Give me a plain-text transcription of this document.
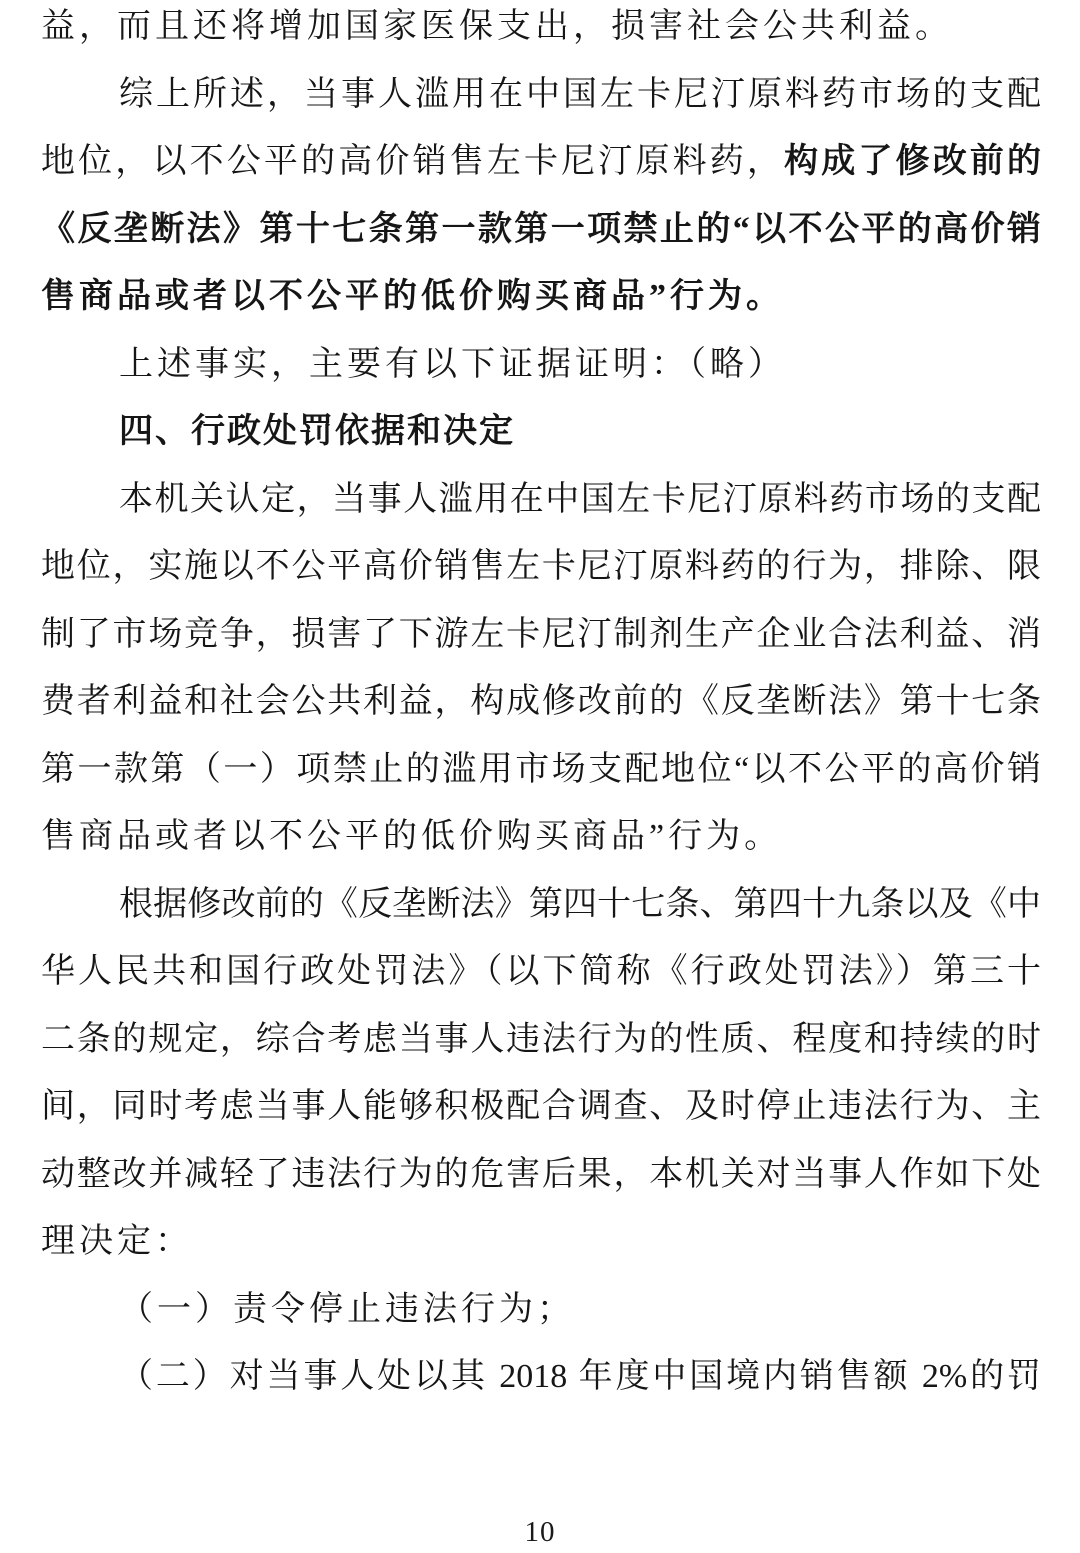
益，而且还将增加国家医保支出，损害社会公共利益。
综上所述，当事人滥用在中国左卡尼汀原料药市场的支配
地位，以不公平的高价销售左卡尼汀原料药，构成了修改前的
《反垄断法》第十七条第一款第一项禁止的“以不公平的高价销
售商品或者以不公平的低价购买商品”行为。
上述事实，主要有以下证据证明：（略）
四、行政处罚依据和决定
本机关认定，当事人滥用在中国左卡尼汀原料药市场的支配
地位，实施以不公平高价销售左卡尼汀原料药的行为，排除、限
制了市场竞争，损害了下游左卡尼汀制剂生产企业合法利益、消
费者利益和社会公共利益，构成修改前的《反垄断法》第十七条
第一款第（一）项禁止的滥用市场支配地位“以不公平的高价销
售商品或者以不公平的低价购买商品”行为。
根据修改前的《反垄断法》第四十七条、第四十九条以及《中
华人民共和国行政处罚法》（以下简称《行政处罚法》）第三十
二条的规定，综合考虑当事人违法行为的性质、程度和持续的时
间，同时考虑当事人能够积极配合调查、及时停止违法行为、主
动整改并减轻了违法行为的危害后果，本机关对当事人作如下处
理决定：
（一）责令停止违法行为；
（二）对当事人处以其 2018 年度中国境内销售额 2%的罚
10
